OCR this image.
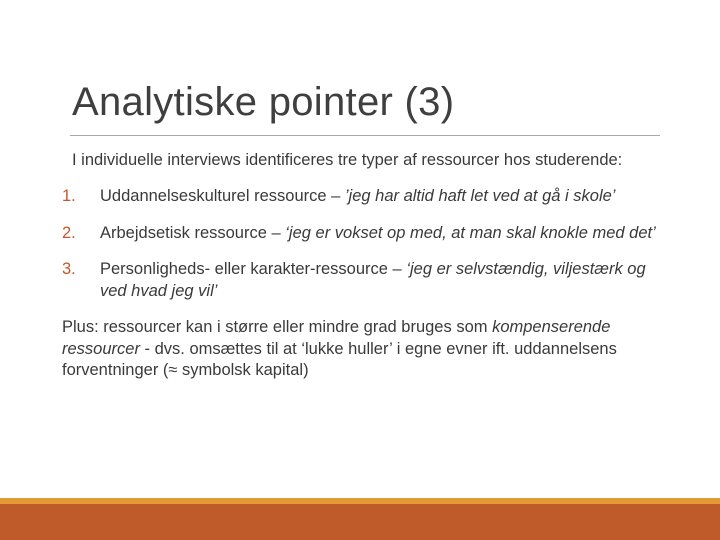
Analytiske pointer (3)

I individuelle interviews identificeres tre typer af ressourcer hos studerende:

1.	Uddannelseskulturel ressource – ’jeg har altid haft let ved at gå i skole’
2.	Arbejdsetisk ressource – ‘jeg er vokset op med, at man skal knokle med det’
3.	Personligheds- eller karakter-ressource – ‘jeg er selvstændig, viljestærk og ved hvad jeg vil’

Plus: ressourcer kan i større eller mindre grad bruges som kompenserende ressourcer - dvs. omsættes til at ‘lukke huller’ i egne evner ift. uddannelsens forventninger (≈ symbolsk kapital)
